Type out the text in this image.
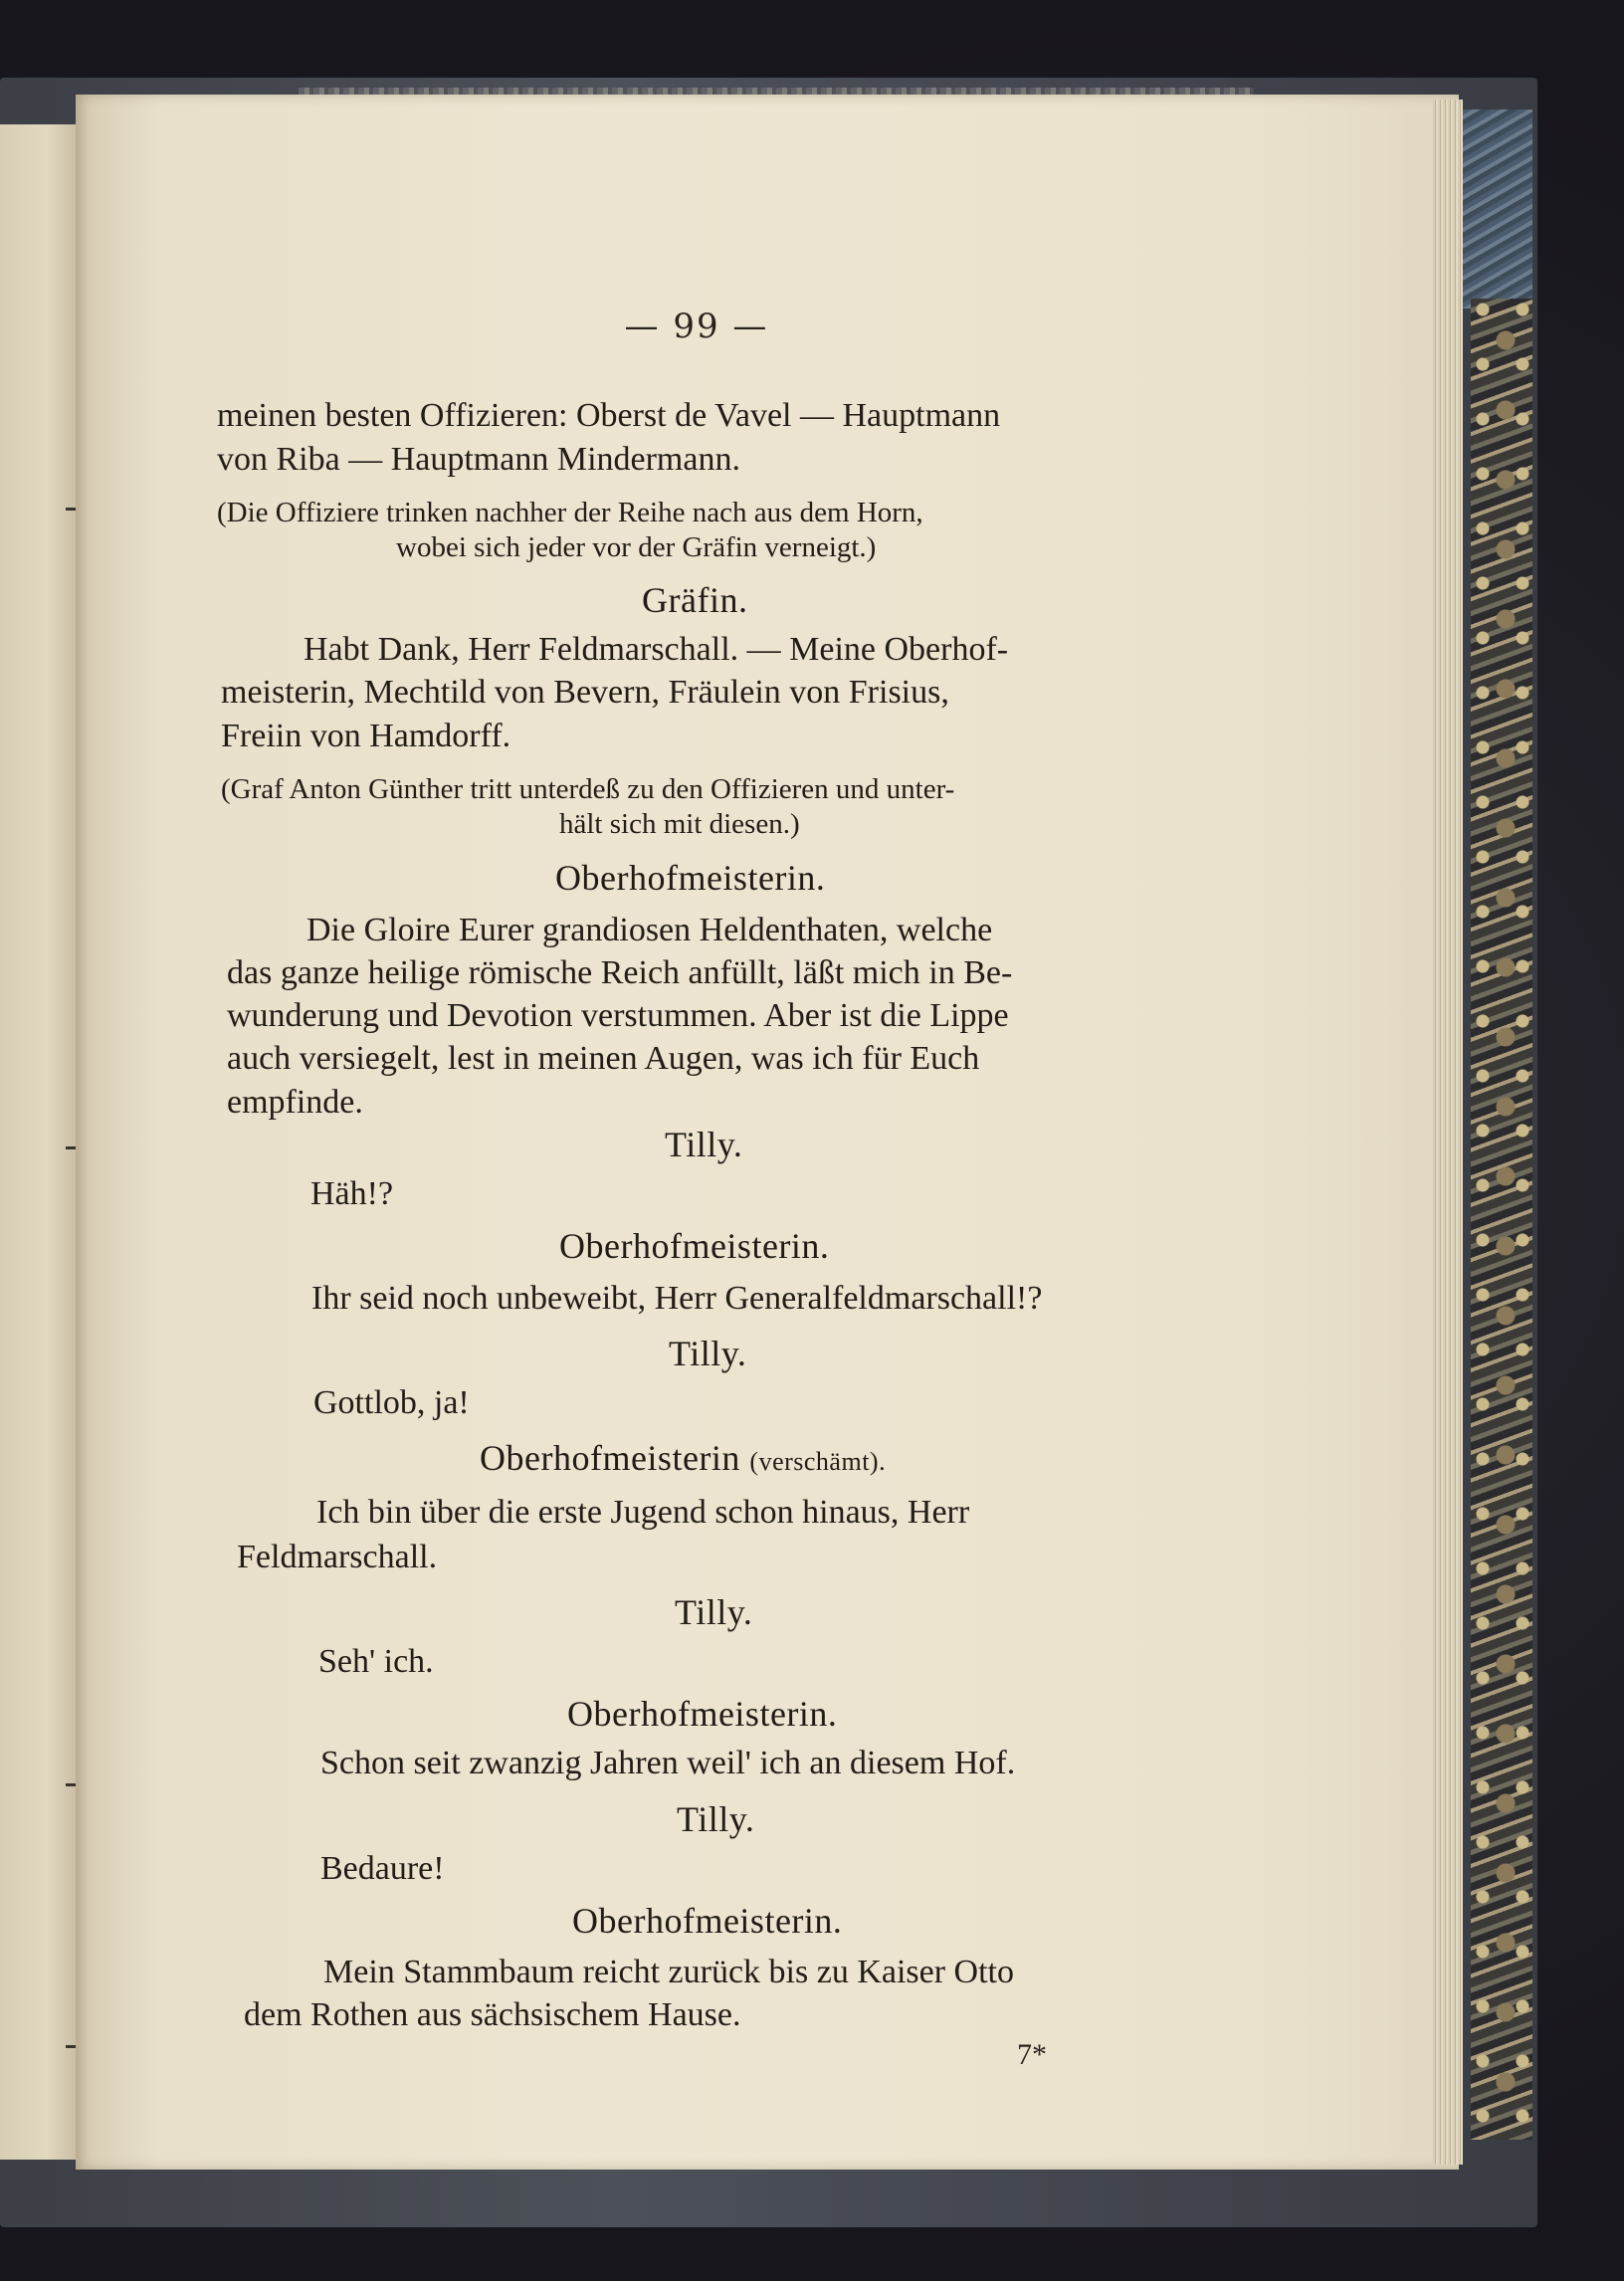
— 99 —
meinen besten Offizieren: Oberst de Vavel — Hauptmann
von Riba — Hauptmann Mindermann.
(Die Offiziere trinken nachher der Reihe nach aus dem Horn,
wobei sich jeder vor der Gräfin verneigt.)
Gräfin.
Habt Dank, Herr Feldmarschall. — Meine Oberhof-
meisterin, Mechtild von Bevern, Fräulein von Frisius,
Freiin von Hamdorff.
(Graf Anton Günther tritt unterdeß zu den Offizieren und unter-
hält sich mit diesen.)
Oberhofmeisterin.
Die Gloire Eurer grandiosen Heldenthaten, welche
das ganze heilige römische Reich anfüllt, läßt mich in Be-
wunderung und Devotion verstummen. Aber ist die Lippe
auch versiegelt, lest in meinen Augen, was ich für Euch
empfinde.
Tilly.
Häh!?
Oberhofmeisterin.
Ihr seid noch unbeweibt, Herr Generalfeldmarschall!?
Tilly.
Gottlob, ja!
Oberhofmeisterin (verschämt).
Ich bin über die erste Jugend schon hinaus, Herr
Feldmarschall.
Tilly.
Seh' ich.
Oberhofmeisterin.
Schon seit zwanzig Jahren weil' ich an diesem Hof.
Tilly.
Bedaure!
Oberhofmeisterin.
Mein Stammbaum reicht zurück bis zu Kaiser Otto
dem Rothen aus sächsischem Hause.
7*
